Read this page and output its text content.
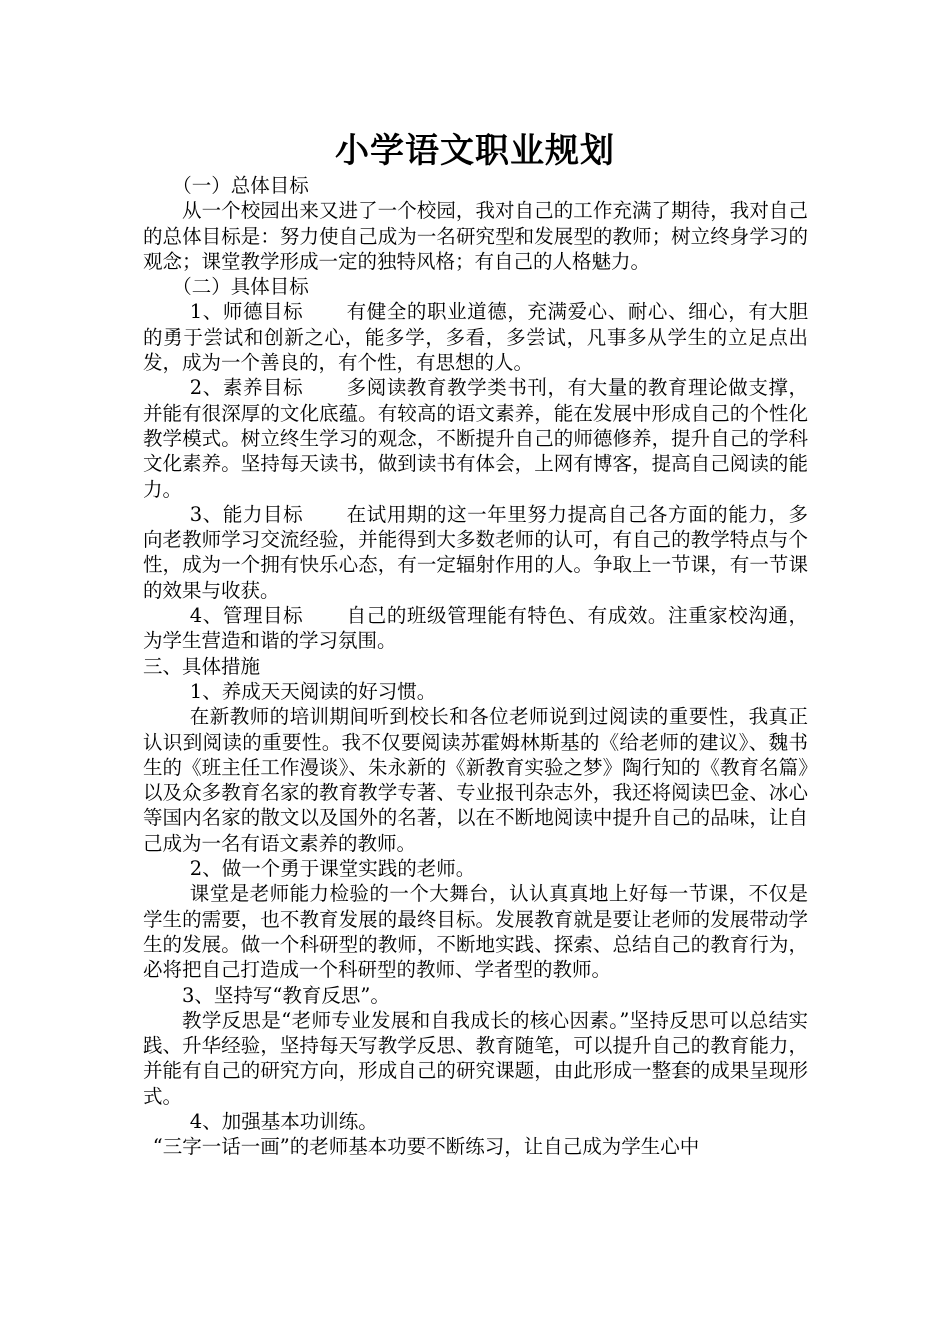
小学语文职业规划

（一）总体目标

从一个校园出来又进了一个校园，我对自己的工作充满了期待，我对自己的总体目标是：努力使自己成为一名研究型和发展型的教师；树立终身学习的观念；课堂教学形成一定的独特风格；有自己的人格魅力。

（二）具体目标

1、师德目标 有健全的职业道德，充满爱心、耐心、细心，有大胆的勇于尝试和创新之心，能多学，多看，多尝试，凡事多从学生的立足点出发，成为一个善良的，有个性，有思想的人。

2、素养目标 多阅读教育教学类书刊，有大量的教育理论做支撑，并能有很深厚的文化底蕴。有较高的语文素养，能在发展中形成自己的个性化教学模式。树立终生学习的观念，不断提升自己的师德修养，提升自己的学科文化素养。坚持每天读书，做到读书有体会，上网有博客，提高自己阅读的能力。

3、能力目标 在试用期的这一年里努力提高自己各方面的能力，多向老教师学习交流经验，并能得到大多数老师的认可，有自己的教学特点与个性，成为一个拥有快乐心态，有一定辐射作用的人。争取上一节课，有一节课的效果与收获。

4、管理目标 自己的班级管理能有特色、有成效。注重家校沟通，为学生营造和谐的学习氛围。

三、具体措施

1、养成天天阅读的好习惯。

在新教师的培训期间听到校长和各位老师说到过阅读的重要性，我真正认识到阅读的重要性。我不仅要阅读苏霍姆林斯基的《给老师的建议》、魏书生的《班主任工作漫谈》、朱永新的《新教育实验之梦》陶行知的《教育名篇》以及众多教育名家的教育教学专著、专业报刊杂志外，我还将阅读巴金、冰心等国内名家的散文以及国外的名著，以在不断地阅读中提升自己的品味，让自己成为一名有语文素养的教师。

2、做一个勇于课堂实践的老师。

课堂是老师能力检验的一个大舞台，认认真真地上好每一节课，不仅是学生的需要，也不教育发展的最终目标。发展教育就是要让老师的发展带动学生的发展。做一个科研型的教师，不断地实践、探索、总结自己的教育行为，必将把自己打造成一个科研型的教师、学者型的教师。

3、坚持写“教育反思”。

教学反思是“老师专业发展和自我成长的核心因素。”坚持反思可以总结实践、升华经验，坚持每天写教学反思、教育随笔，可以提升自己的教育能力，并能有自己的研究方向，形成自己的研究课题，由此形成一整套的成果呈现形式。

4、加强基本功训练。

“三字一话一画”的老师基本功要不断练习，让自己成为学生心中
